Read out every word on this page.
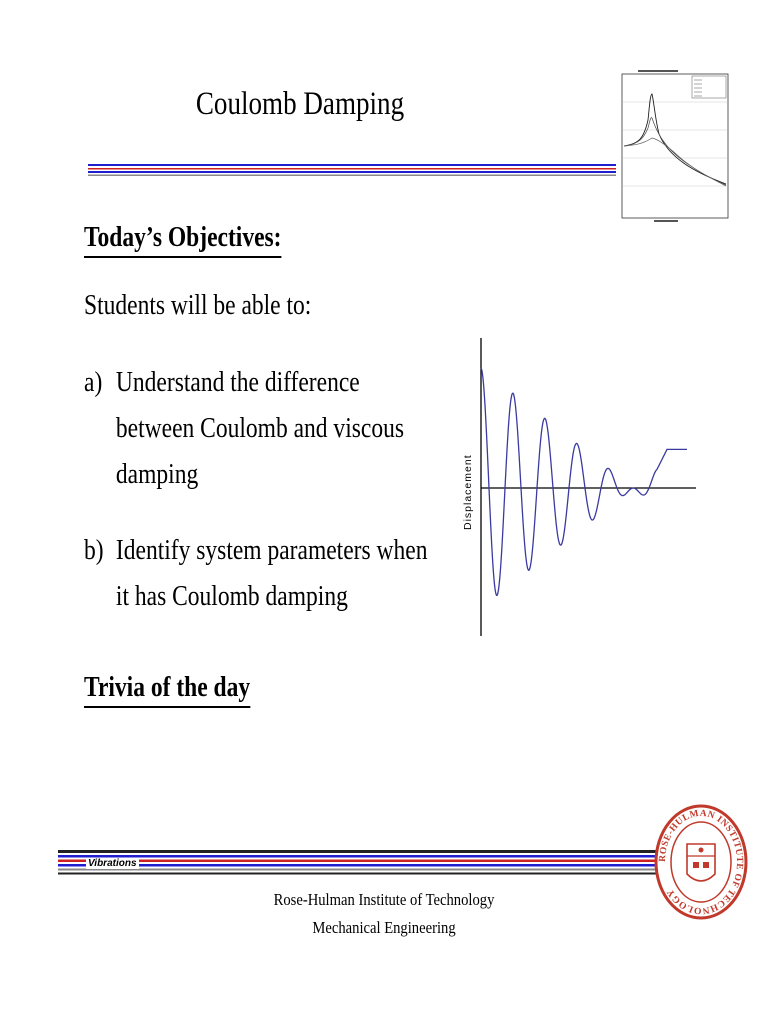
Coulomb Damping
Today’s Objectives:
Students will be able to:
a) Understand the difference
between Coulomb and viscous
damping
b) Identify system parameters when
it has Coulomb damping
Trivia of the day
Displacement
Vibrations	ROSE-HULMAN INSTITUTE OF TECHNOLOGY
Rose-Hulman Institute of Technology
Mechanical Engineering
